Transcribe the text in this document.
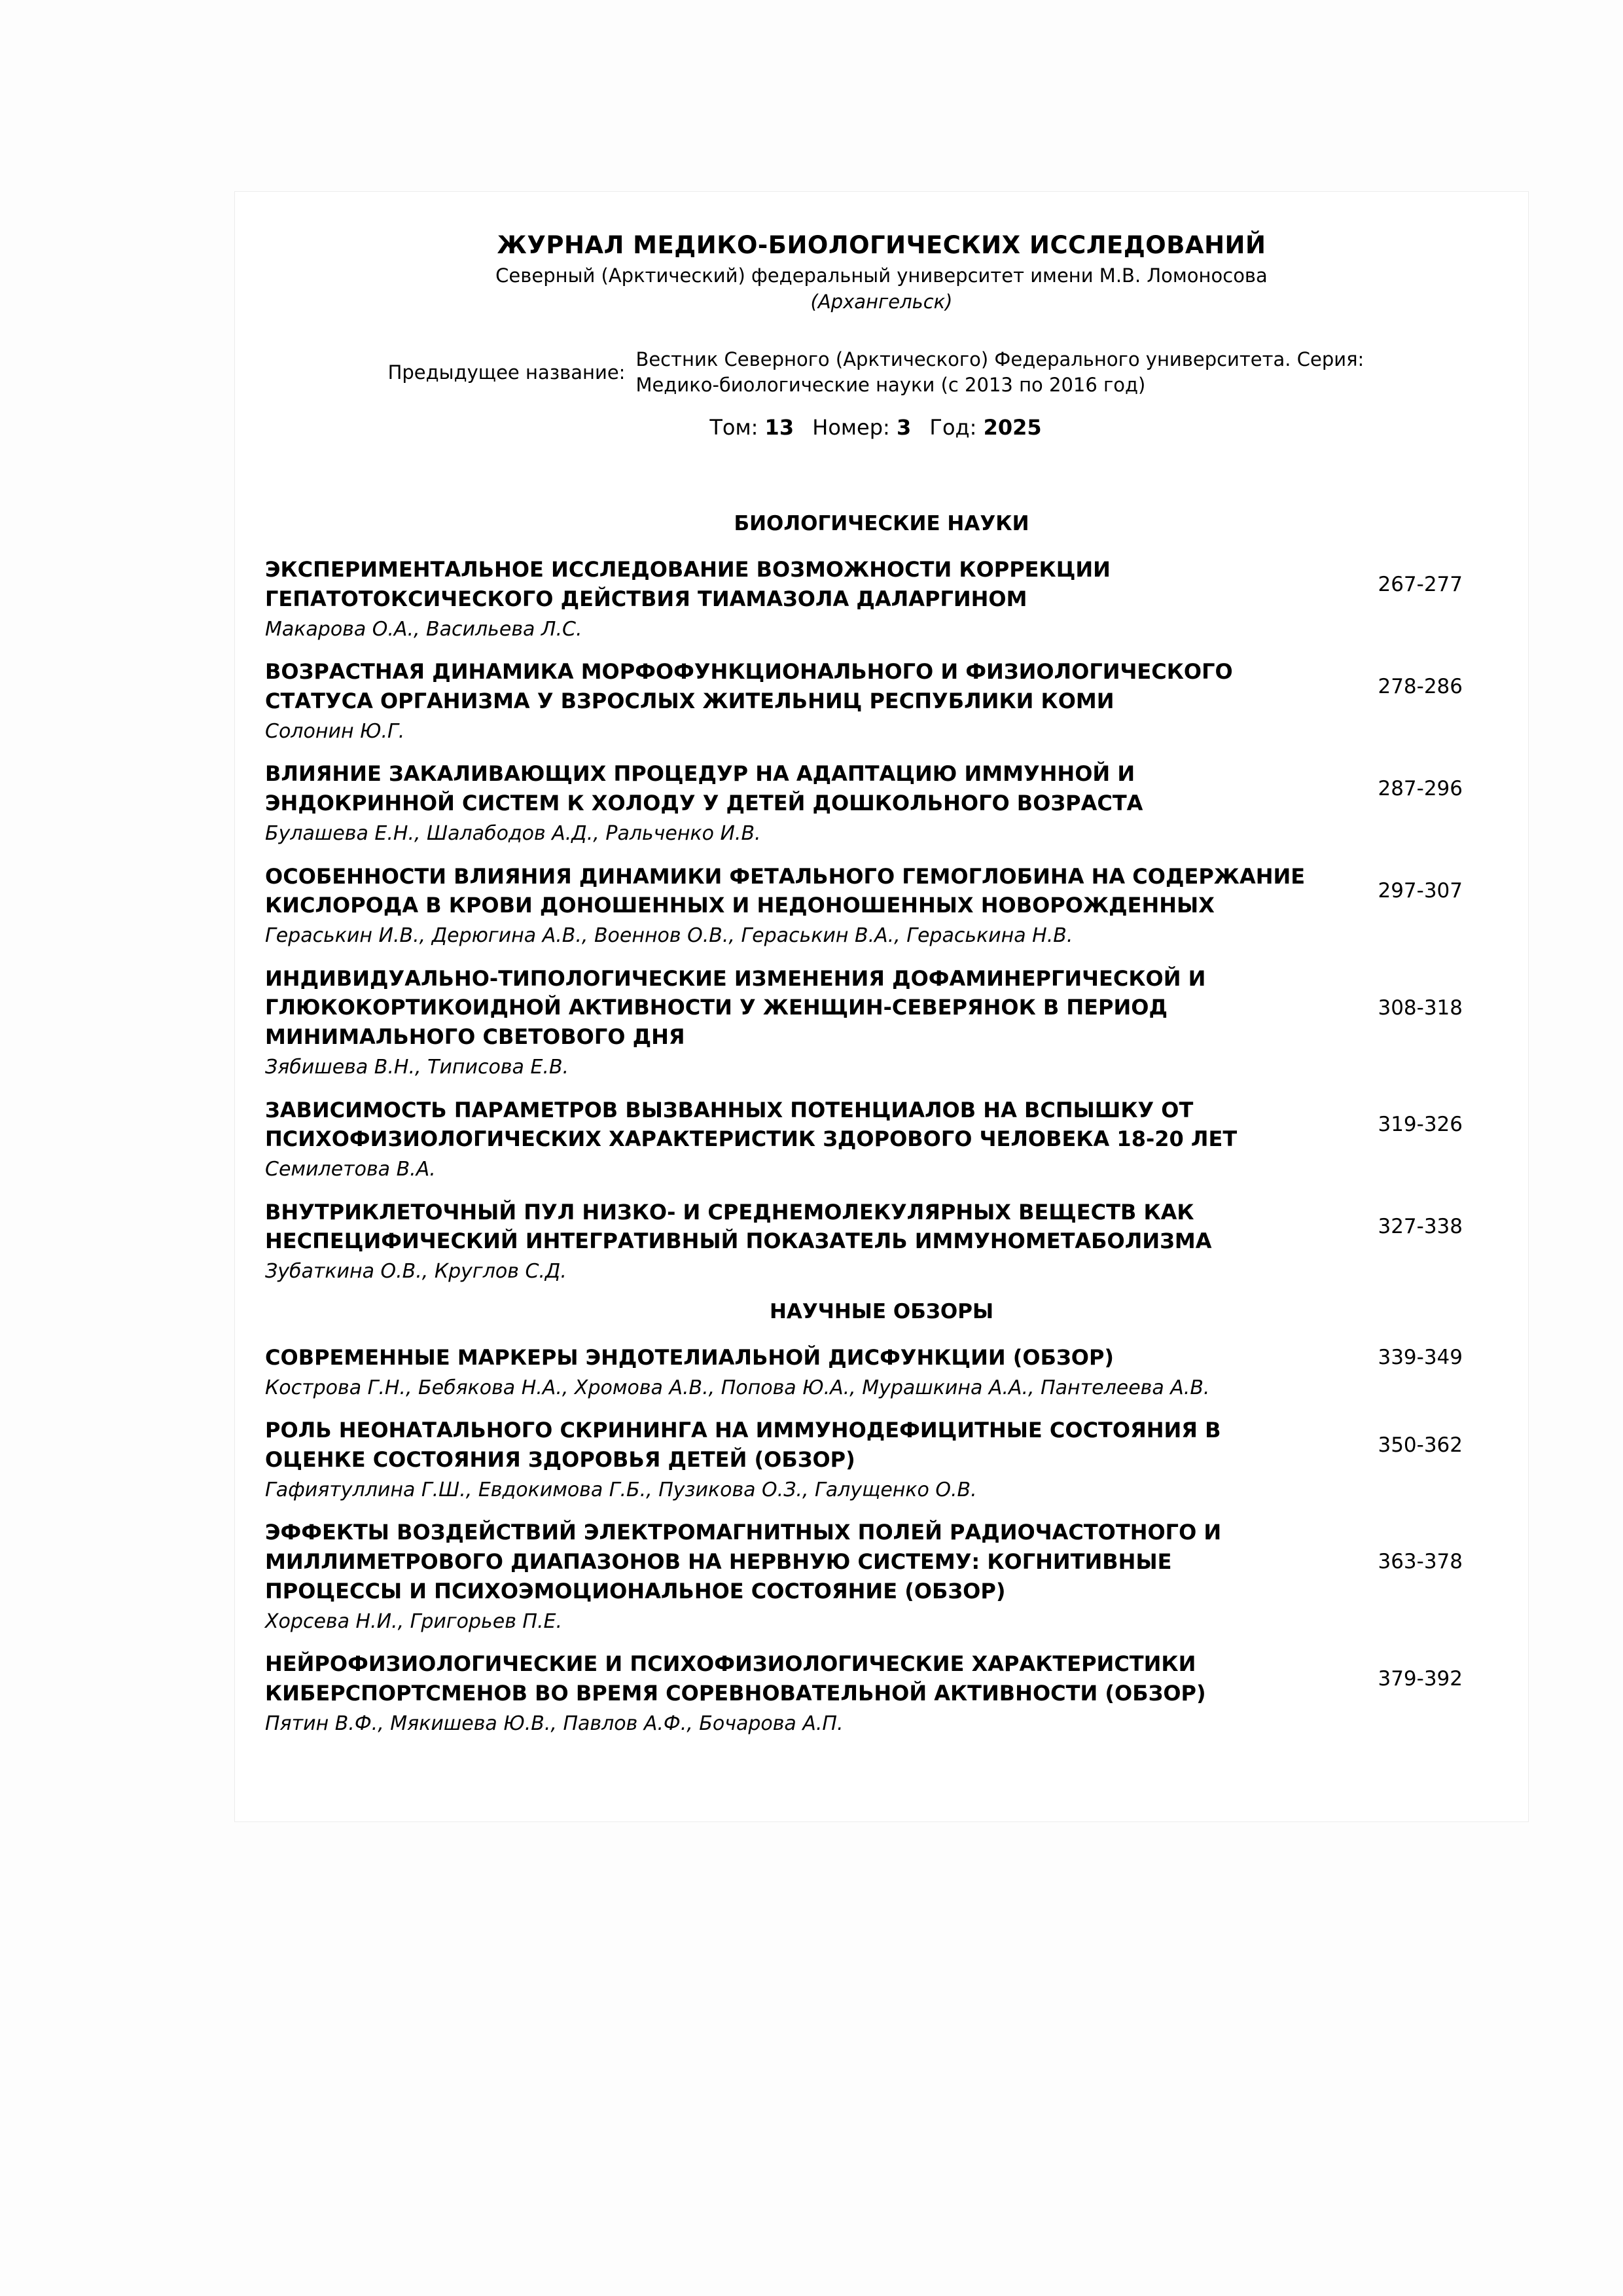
ЖУРНАЛ МЕДИКО-БИОЛОГИЧЕСКИХ ИССЛЕДОВАНИЙ
Северный (Арктический) федеральный университет имени М.В. Ломоносова
(Архангельск)
Предыдущее название:
Вестник Северного (Арктического) Федерального университета. Серия: Медико-биологические науки (с 2013 по 2016 год)
Том: 13 Номер: 3 Год: 2025
БИОЛОГИЧЕСКИЕ НАУКИ
ЭКСПЕРИМЕНТАЛЬНОЕ ИССЛЕДОВАНИЕ ВОЗМОЖНОСТИ КОРРЕКЦИИ ГЕПАТОТОКСИЧЕСКОГО ДЕЙСТВИЯ ТИАМАЗОЛА ДАЛАРГИНОМ
267-277
Макарова О.А., Васильева Л.С.
ВОЗРАСТНАЯ ДИНАМИКА МОРФОФУНКЦИОНАЛЬНОГО И ФИЗИОЛОГИЧЕСКОГО СТАТУСА ОРГАНИЗМА У ВЗРОСЛЫХ ЖИТЕЛЬНИЦ РЕСПУБЛИКИ КОМИ
278-286
Солонин Ю.Г.
ВЛИЯНИЕ ЗАКАЛИВАЮЩИХ ПРОЦЕДУР НА АДАПТАЦИЮ ИММУННОЙ И ЭНДОКРИННОЙ СИСТЕМ К ХОЛОДУ У ДЕТЕЙ ДОШКОЛЬНОГО ВОЗРАСТА
287-296
Булашева Е.Н., Шалабодов А.Д., Ральченко И.В.
ОСОБЕННОСТИ ВЛИЯНИЯ ДИНАМИКИ ФЕТАЛЬНОГО ГЕМОГЛОБИНА НА СОДЕРЖАНИЕ КИСЛОРОДА В КРОВИ ДОНОШЕННЫХ И НЕДОНОШЕННЫХ НОВОРОЖДЕННЫХ
297-307
Гераськин И.В., Дерюгина А.В., Военнов О.В., Гераськин В.А., Гераськина Н.В.
ИНДИВИДУАЛЬНО-ТИПОЛОГИЧЕСКИЕ ИЗМЕНЕНИЯ ДОФАМИНЕРГИЧЕСКОЙ И ГЛЮКОКОРТИКОИДНОЙ АКТИВНОСТИ У ЖЕНЩИН-СЕВЕРЯНОК В ПЕРИОД МИНИМАЛЬНОГО СВЕТОВОГО ДНЯ
308-318
Зябишева В.Н., Типисова Е.В.
ЗАВИСИМОСТЬ ПАРАМЕТРОВ ВЫЗВАННЫХ ПОТЕНЦИАЛОВ НА ВСПЫШКУ ОТ ПСИХОФИЗИОЛОГИЧЕСКИХ ХАРАКТЕРИСТИК ЗДОРОВОГО ЧЕЛОВЕКА 18-20 ЛЕТ
319-326
Семилетова В.А.
ВНУТРИКЛЕТОЧНЫЙ ПУЛ НИЗКО- И СРЕДНЕМОЛЕКУЛЯРНЫХ ВЕЩЕСТВ КАК НЕСПЕЦИФИЧЕСКИЙ ИНТЕГРАТИВНЫЙ ПОКАЗАТЕЛЬ ИММУНОМЕТАБОЛИЗМА
327-338
Зубаткина О.В., Круглов С.Д.
НАУЧНЫЕ ОБЗОРЫ
СОВРЕМЕННЫЕ МАРКЕРЫ ЭНДОТЕЛИАЛЬНОЙ ДИСФУНКЦИИ (ОБЗОР)	339-349
Кострова Г.Н., Бебякова Н.А., Хромова А.В., Попова Ю.А., Мурашкина А.А., Пантелеева А.В.
РОЛЬ НЕОНАТАЛЬНОГО СКРИНИНГА НА ИММУНОДЕФИЦИТНЫЕ СОСТОЯНИЯ В ОЦЕНКЕ СОСТОЯНИЯ ЗДОРОВЬЯ ДЕТЕЙ (ОБЗОР)
350-362
Гафиятуллина Г.Ш., Евдокимова Г.Б., Пузикова О.З., Галущенко О.В.
ЭФФЕКТЫ ВОЗДЕЙСТВИЙ ЭЛЕКТРОМАГНИТНЫХ ПОЛЕЙ РАДИОЧАСТОТНОГО И МИЛЛИМЕТРОВОГО ДИАПАЗОНОВ НА НЕРВНУЮ СИСТЕМУ: КОГНИТИВНЫЕ ПРОЦЕССЫ И ПСИХОЭМОЦИОНАЛЬНОЕ СОСТОЯНИЕ (ОБЗОР)
363-378
Хорсева Н.И., Григорьев П.Е.
НЕЙРОФИЗИОЛОГИЧЕСКИЕ И ПСИХОФИЗИОЛОГИЧЕСКИЕ ХАРАКТЕРИСТИКИ КИБЕРСПОРТСМЕНОВ ВО ВРЕМЯ СОРЕВНОВАТЕЛЬНОЙ АКТИВНОСТИ (ОБЗОР)
379-392
Пятин В.Ф., Мякишева Ю.В., Павлов А.Ф., Бочарова А.П.
